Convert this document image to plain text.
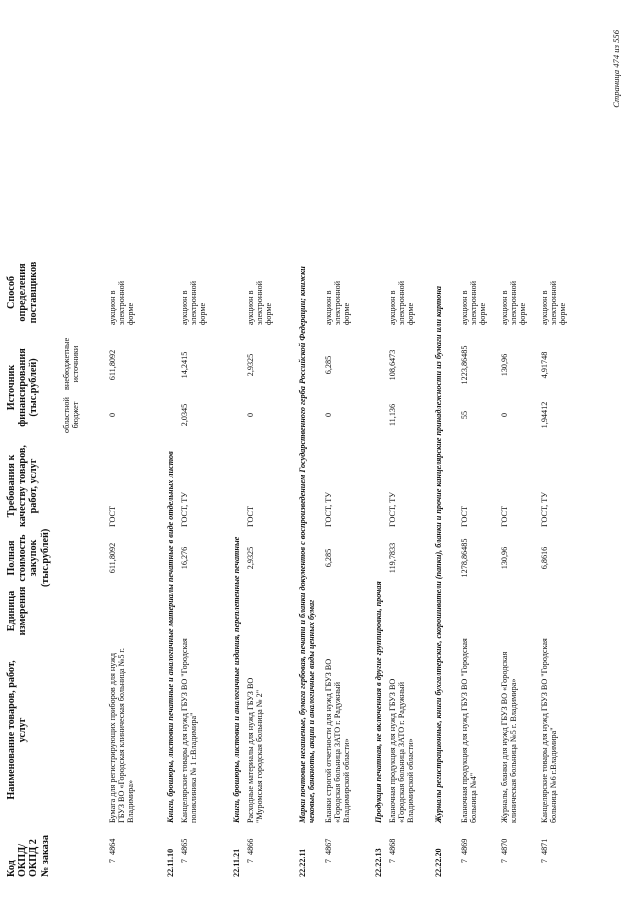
Код ОКПД/ ОКПД 2 № заказа
Наименование товаров, работ, услуг
Единица измерения
Полная стоимость закупок (тыс.рублей)
Требования к качеству товаров, работ, услуг
Источник финансирования (тыс.рублей)	областной бюджет
внебюджетные источники
Способ определения поставщиков
7
4864
Бумага для регистрирующих приборов для нужд ГБУЗ ВО «Городская клиническая больница №5 г. Владимира»
611,8092
ГОСТ
0
611,8092
аукцион в электронной форме
22.11.10
Книги, брошюры, листовки печатные и аналогичные материалы печатные в виде отдельных листов
7
4865
Канцелярские товары для нужд ГБУЗ ВО "Городская поликлиника № 1 г.Владимира"
16,276
ГОСТ, ТУ
2,0345
14,2415
аукцион в электронной форме
22.11.21
Книги, брошюры, листовки и аналогичные издания, переплетенные печатные
7
4866
Расходные материалы для нужд ГБУЗ ВО "Муромская городская больница № 2"
2,9325
ГОСТ
0
2,9325
аукцион в электронной форме
22.22.11
Марки почтовые негашеные, бумага гербовая, печати и бланки документов с воспроизведением Государственного герба Российской Федерации; книжки чековые, банкноты, акции и аналогичные виды ценных бумаг
7
4867
Бланки строгой отчетности для нужд ГБУЗ ВО «Городская больница ЗАТО г. Радужный Владимирской области»
6,285
ГОСТ, ТУ
0
6,285
аукцион в электронной форме
22.22.13
Продукция печатная, не включенная в другие группировки, прочая
7
4868
Бланочная продукция для нужд ГБУЗ ВО «Городская больница ЗАТО г. Радужный Владимирской области»
119,7833
ГОСТ, ТУ
11,136
108,6473
аукцион в электронной форме
22.22.20
Журналы регистрационные, книги бухгалтерские, скорошиватели (папки), бланки и прочие канцелярские принадлежности из бумаги или картона
7
4869
Бланочная продукция для нужд ГБУЗ ВО "Городская больница №4"
1278,86485
ГОСТ
55
1223,86485
аукцион в электронной форме
7
4870
Журналы, бланки для нужд ГБУЗ ВО «Городская клиническая больница №5 г. Владимира»
130,96
ГОСТ
0
130,96
аукцион в электронной форме
7
4871
Канцелярские товары для нужд ГБУЗ ВО "Городская больница №6 г.Владимира"
6,8616
ГОСТ, ТУ
1,94412
4,91748
аукцион в электронной форме
Страница 474 из 556
